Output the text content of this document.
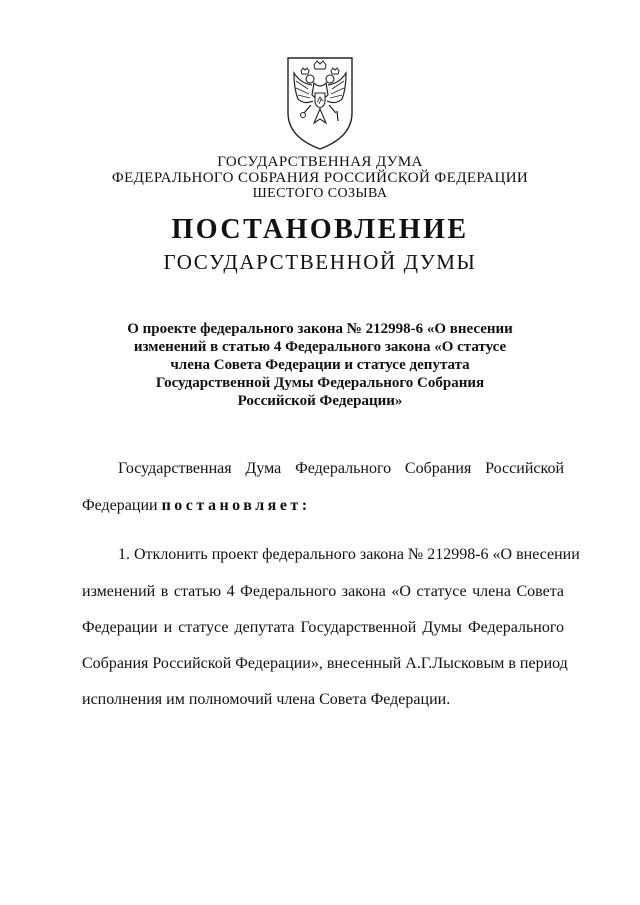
ГОСУДАРСТВЕННАЯ ДУМА
ФЕДЕРАЛЬНОГО СОБРАНИЯ РОССИЙСКОЙ ФЕДЕРАЦИИ
ШЕСТОГО СОЗЫВА
ПОСТАНОВЛЕНИЕ
ГОСУДАРСТВЕННОЙ ДУМЫ

О проекте федерального закона № 212998-6 «О внесении
изменений в статью 4 Федерального закона «О статусе
члена Совета Федерации и статусе депутата
Государственной Думы Федерального Собрания
Российской Федерации»

Государственная Дума Федерального Собрания Российской
Федерации постановляет:
1. Отклонить проект федерального закона № 212998-6 «О внесении
изменений в статью 4 Федерального закона «О статусе члена Совета
Федерации и статусе депутата Государственной Думы Федерального
Собрания Российской Федерации», внесенный А.Г.Лысковым в период
исполнения им полномочий члена Совета Федерации.
